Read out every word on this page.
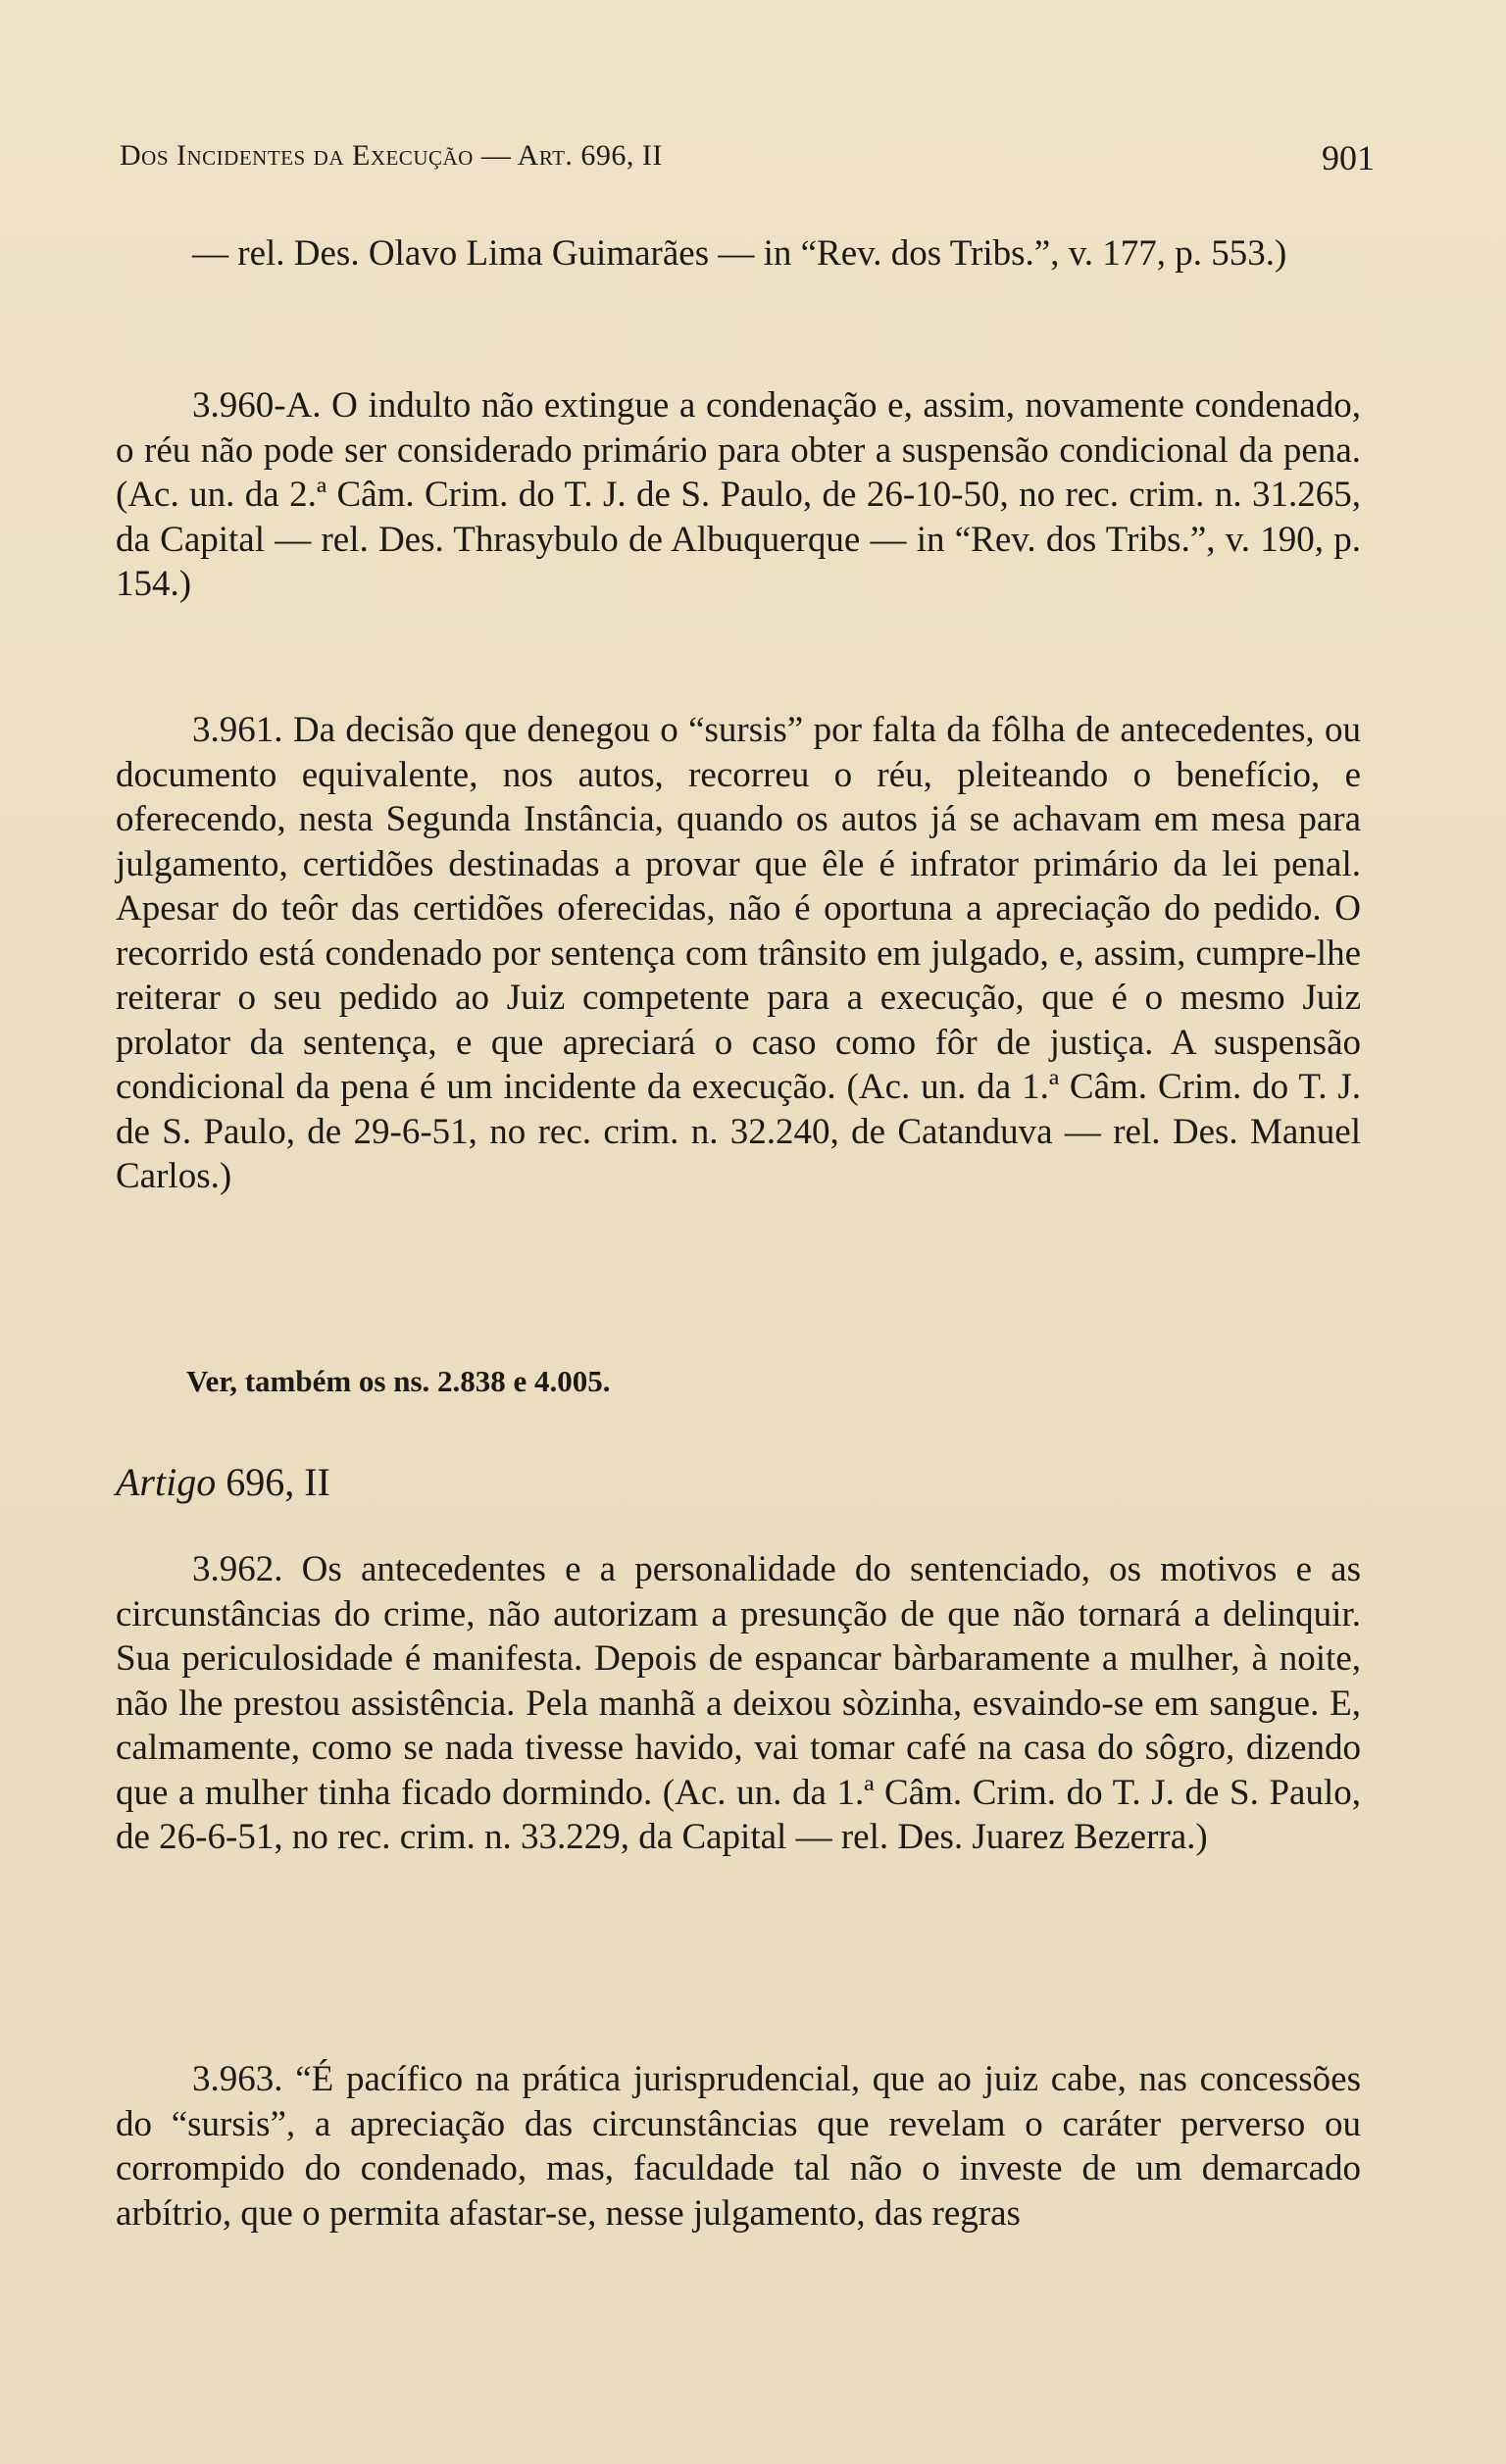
Dos Incidentes da Execução — Art. 696, II	901

— rel. Des. Olavo Lima Guimarães — in “Rev. dos Tribs.”, v. 177, p. 553.)

3.960-A. O indulto não extingue a condenação e, assim, novamente condenado, o réu não pode ser considerado primário para obter a suspensão condicional da pena. (Ac. un. da 2.ª Câm. Crim. do T. J. de S. Paulo, de 26-10-50, no rec. crim. n. 31.265, da Capital — rel. Des. Thrasybulo de Albuquerque — in “Rev. dos Tribs.”, v. 190, p. 154.)

3.961. Da decisão que denegou o “sursis” por falta da fôlha de antecedentes, ou documento equivalente, nos autos, recorreu o réu, pleiteando o benefício, e oferecendo, nesta Segunda Instância, quando os autos já se achavam em mesa para julgamento, certidões destinadas a provar que êle é infrator primário da lei penal. Apesar do teôr das certidões oferecidas, não é oportuna a apreciação do pedido. O recorrido está condenado por sentença com trânsito em julgado, e, assim, cumpre-lhe reiterar o seu pedido ao Juiz competente para a execução, que é o mesmo Juiz prolator da sentença, e que apreciará o caso como fôr de justiça. A suspensão condicional da pena é um incidente da execução. (Ac. un. da 1.ª Câm. Crim. do T. J. de S. Paulo, de 29-6-51, no rec. crim. n. 32.240, de Catanduva — rel. Des. Manuel Carlos.)

Ver, também os ns. 2.838 e 4.005.

Artigo 696, II

3.962. Os antecedentes e a personalidade do sentenciado, os motivos e as circunstâncias do crime, não autorizam a presunção de que não tornará a delinquir. Sua periculosidade é manifesta. Depois de espancar bàrbaramente a mulher, à noite, não lhe prestou assistência. Pela manhã a deixou sòzinha, esvaindo-se em sangue. E, calmamente, como se nada tivesse havido, vai tomar café na casa do sôgro, dizendo que a mulher tinha ficado dormindo. (Ac. un. da 1.ª Câm. Crim. do T. J. de S. Paulo, de 26-6-51, no rec. crim. n. 33.229, da Capital — rel. Des. Juarez Bezerra.)

3.963. “É pacífico na prática jurisprudencial, que ao juiz cabe, nas concessões do “sursis”, a apreciação das circunstâncias que revelam o caráter perverso ou corrompido do condenado, mas, faculdade tal não o investe de um demarcado arbítrio, que o permita afastar-se, nesse julgamento, das regras
